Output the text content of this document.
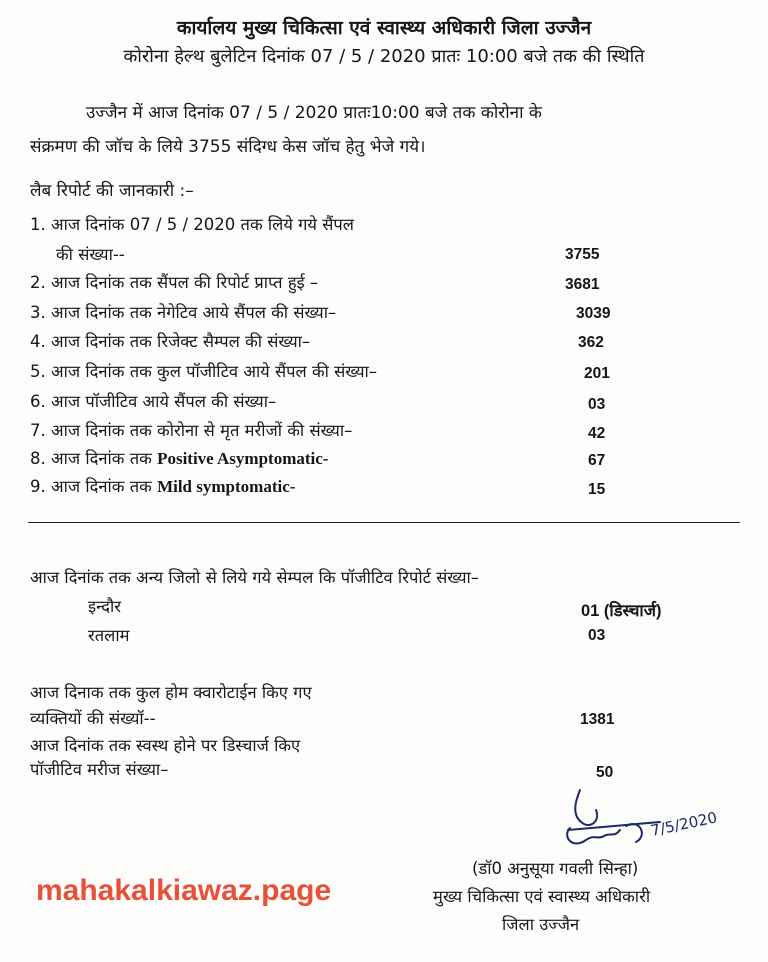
कार्यालय मुख्य चिकित्सा एवं स्वास्थ्य अधिकारी जिला उज्जैन
कोरोना हेल्थ बुलेटिन दिनांक 07 / 5 / 2020 प्रातः 10:00 बजे तक की स्थिति
उज्जैन में आज दिनांक 07 / 5 / 2020 प्रातः10:00 बजे तक कोरोना के
संक्रमण की जॉच के लिये 3755 संदिग्ध केस जॉच हेतु भेजे गये।
लैब रिपोर्ट की जानकारी :–
1. आज दिनांक 07 / 5 / 2020 तक लिये गये सैंपल
की संख्या--	3755
2. आज दिनांक तक सैंपल की रिपोर्ट प्राप्त हुई –	3681
3. आज दिनांक तक नेगेटिव आये सैंपल की संख्या–	3039
4. आज दिनांक तक रिजेक्ट सैम्पल की संख्या–	362
5. आज दिनांक तक कुल पॉजीटिव आये सैंपल की संख्या–	201
6. आज पॉजीटिव आये सैंपल की संख्या–	03
7. आज दिनांक तक कोरोना से मृत मरीजों की संख्या–	42
8. आज दिनांक तक Positive Asymptomatic-	67
9. आज दिनांक तक Mild symptomatic-	15
आज दिनांक तक अन्य जिलो से लिये गये सेम्पल कि पॉजीटिव रिपोर्ट संख्या–
इन्दौर	01 (डिस्चार्ज)
रतलाम	03
आज दिनाक तक कुल होम क्वारोटाईन किए गए
व्यक्तियों की संख्यॉ--	1381
आज दिनांक तक स्वस्थ होने पर डिस्चार्ज किए
पॉजीटिव मरीज संख्या–	50
7/5/2020
(डॉ0 अनुसूया गवली सिन्हा)
मुख्य चिकित्सा एवं स्वास्थ्य अधिकारी
जिला उज्जैन
mahakalkiawaz.page
